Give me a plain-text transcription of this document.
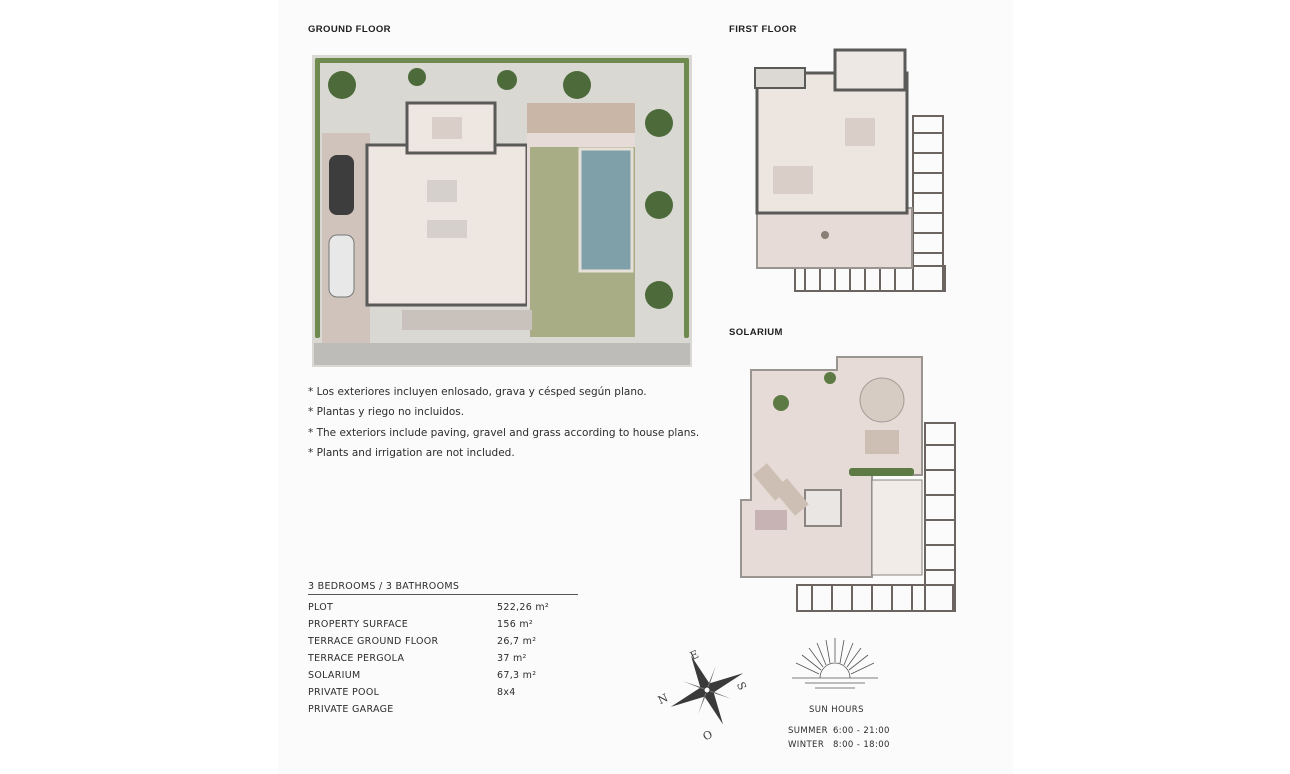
GROUND FLOOR	FIRST FLOOR
SOLARIUM
* Los exteriores incluyen enlosado, grava y césped según plano.
* Plantas y riego no incluidos.
* The exteriors include paving, gravel and grass according to house plans.
* Plants and irrigation are not included.
3 BEDROOMS / 3 BATHROOMS
PLOT	522,26 m²
PROPERTY SURFACE	156 m²
TERRACE GROUND FLOOR	26,7 m²
TERRACE PERGOLA	37 m²
SOLARIUM	67,3 m²
PRIVATE POOL	8x4
PRIVATE GARAGE
E
S
N
O
SUN HOURS
SUMMER 6:00 - 21:00
WINTER 8:00 - 18:00
